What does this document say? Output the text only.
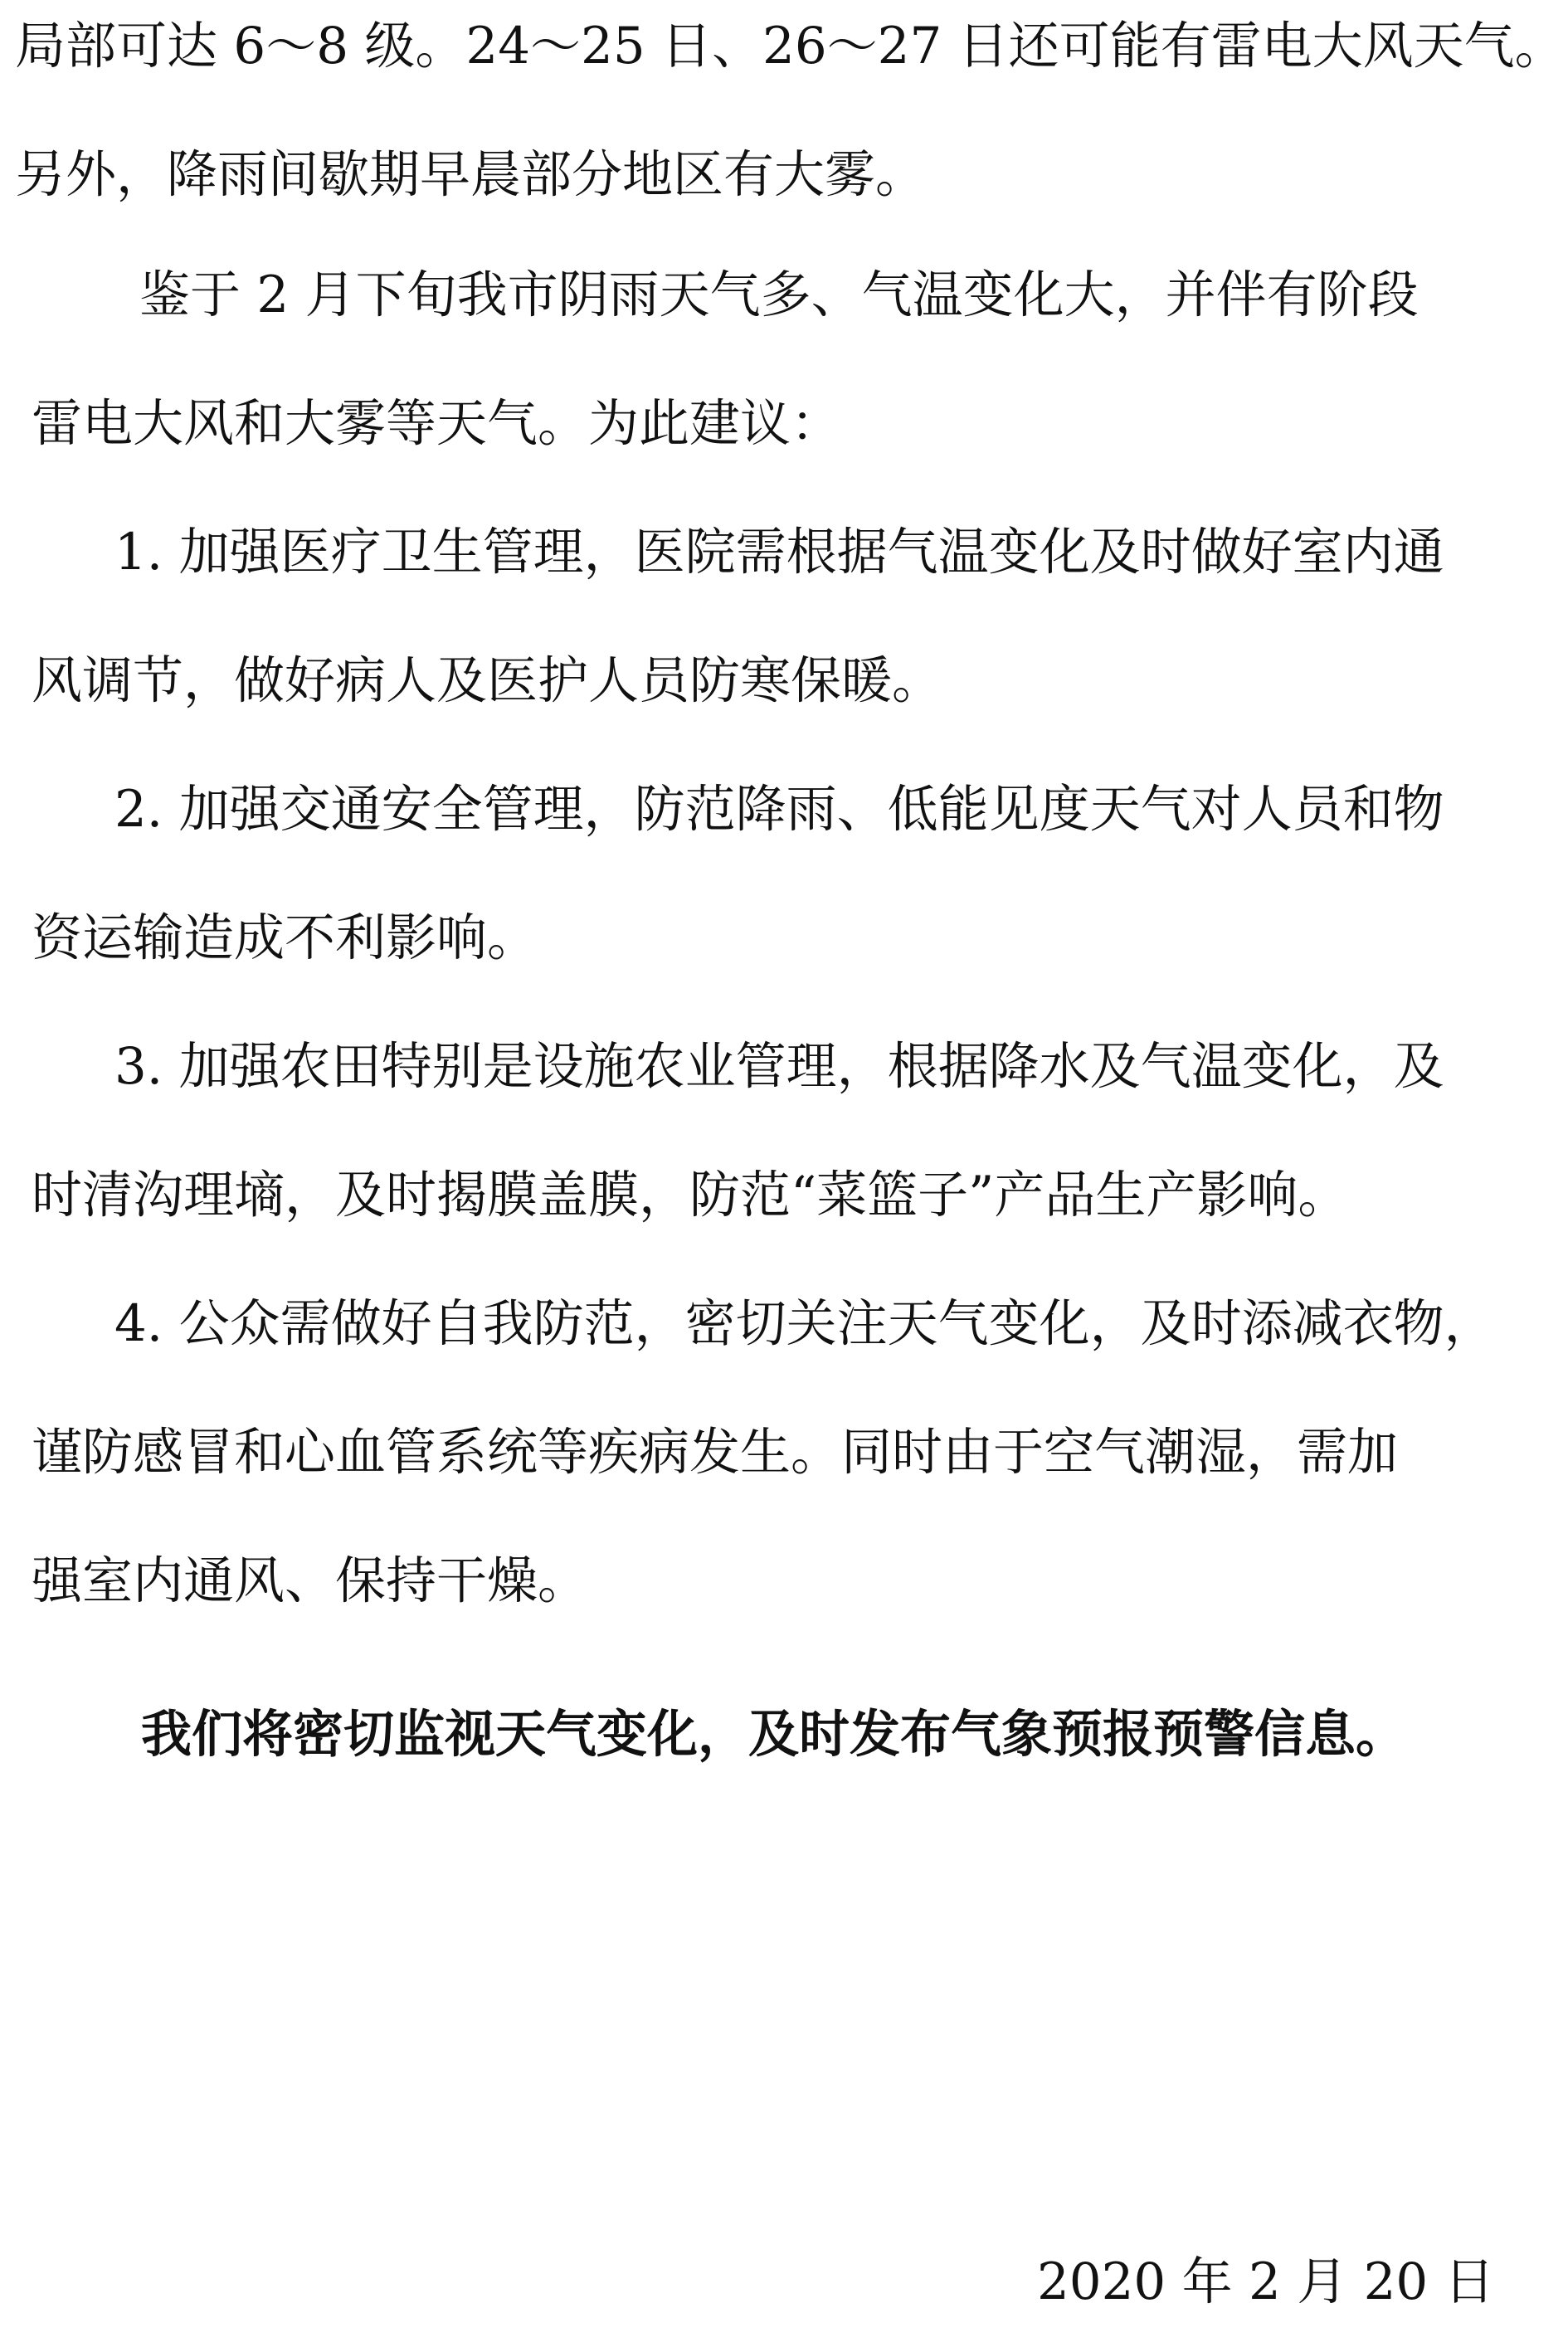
局部可达 6～8 级。24～25 日、26～27 日还可能有雷电大风天气。
另外，降雨间歇期早晨部分地区有大雾。
鉴于 2 月下旬我市阴雨天气多、气温变化大，并伴有阶段
雷电大风和大雾等天气。为此建议：
1. 加强医疗卫生管理，医院需根据气温变化及时做好室内通
风调节，做好病人及医护人员防寒保暖。
2. 加强交通安全管理，防范降雨、低能见度天气对人员和物
资运输造成不利影响。
3. 加强农田特别是设施农业管理，根据降水及气温变化，及
时清沟理墒，及时揭膜盖膜，防范“菜篮子”产品生产影响。
4. 公众需做好自我防范，密切关注天气变化，及时添减衣物，
谨防感冒和心血管系统等疾病发生。同时由于空气潮湿，需加
强室内通风、保持干燥。
我们将密切监视天气变化，及时发布气象预报预警信息。
2020 年 2 月 20 日
